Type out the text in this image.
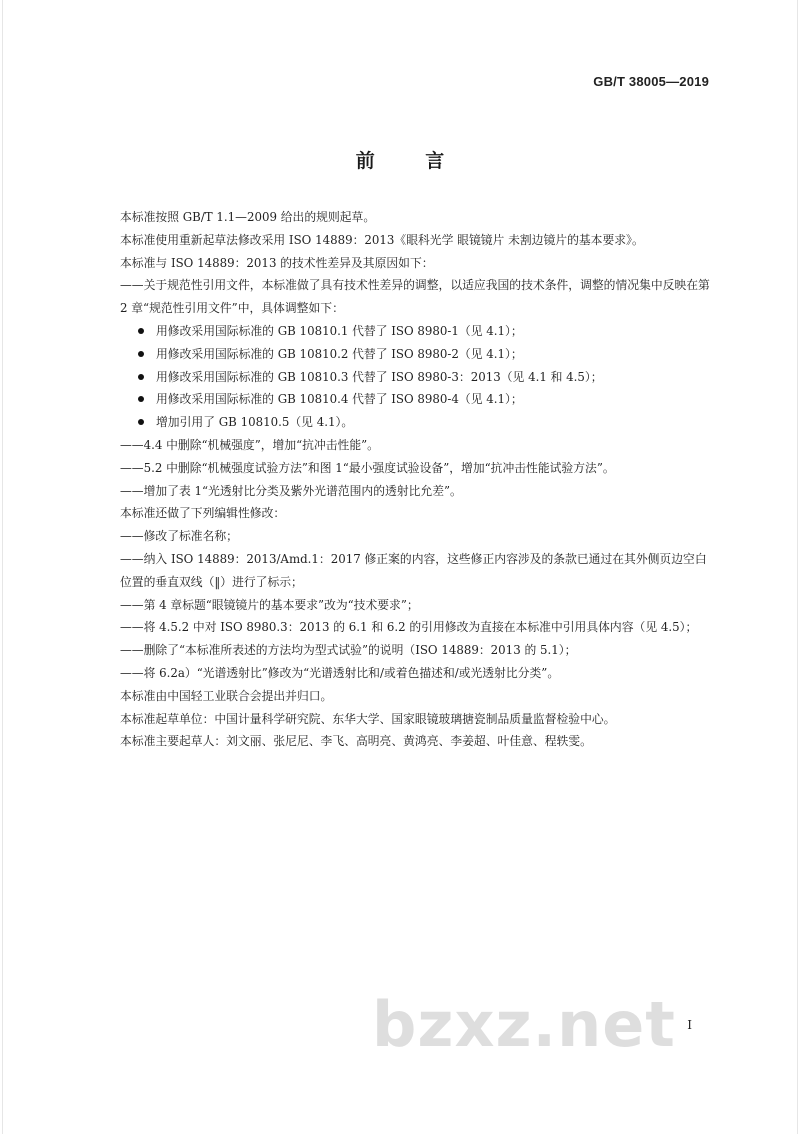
GB/T 38005—2019
前 言

本标准按照 GB/T 1.1—2009 给出的规则起草。

本标准使用重新起草法修改采用 ISO 14889：2013《眼科光学 眼镜镜片 未割边镜片的基本要求》。

本标准与 ISO 14889：2013 的技术性差异及其原因如下：

——关于规范性引用文件，本标准做了具有技术性差异的调整，以适应我国的技术条件，调整的情况集中反映在第 2 章“规范性引用文件”中，具体调整如下：

用修改采用国际标准的 GB 10810.1 代替了 ISO 8980-1（见 4.1）；

用修改采用国际标准的 GB 10810.2 代替了 ISO 8980-2（见 4.1）；

用修改采用国际标准的 GB 10810.3 代替了 ISO 8980-3：2013（见 4.1 和 4.5）；

用修改采用国际标准的 GB 10810.4 代替了 ISO 8980-4（见 4.1）；

增加引用了 GB 10810.5（见 4.1）。

——4.4 中删除“机械强度”，增加“抗冲击性能”。

——5.2 中删除“机械强度试验方法”和图 1“最小强度试验设备”，增加“抗冲击性能试验方法”。

——增加了表 1“光透射比分类及紫外光谱范围内的透射比允差”。

本标准还做了下列编辑性修改：

——修改了标准名称；

——纳入 ISO 14889：2013/Amd.1：2017 修正案的内容，这些修正内容涉及的条款已通过在其外侧页边空白位置的垂直双线（‖）进行了标示；

——第 4 章标题“眼镜镜片的基本要求”改为“技术要求”；

——将 4.5.2 中对 ISO 8980.3：2013 的 6.1 和 6.2 的引用修改为直接在本标准中引用具体内容（见 4.5）；

——删除了“本标准所表述的方法均为型式试验”的说明（ISO 14889：2013 的 5.1）；

——将 6.2a）“光谱透射比”修改为“光谱透射比和/或着色描述和/或光透射比分类”。

本标准由中国轻工业联合会提出并归口。

本标准起草单位：中国计量科学研究院、东华大学、国家眼镜玻璃搪瓷制品质量监督检验中心。

本标准主要起草人：刘文丽、张尼尼、李飞、高明亮、黄鸿亮、李姜超、叶佳意、程轶雯。

I
bzxz.net
